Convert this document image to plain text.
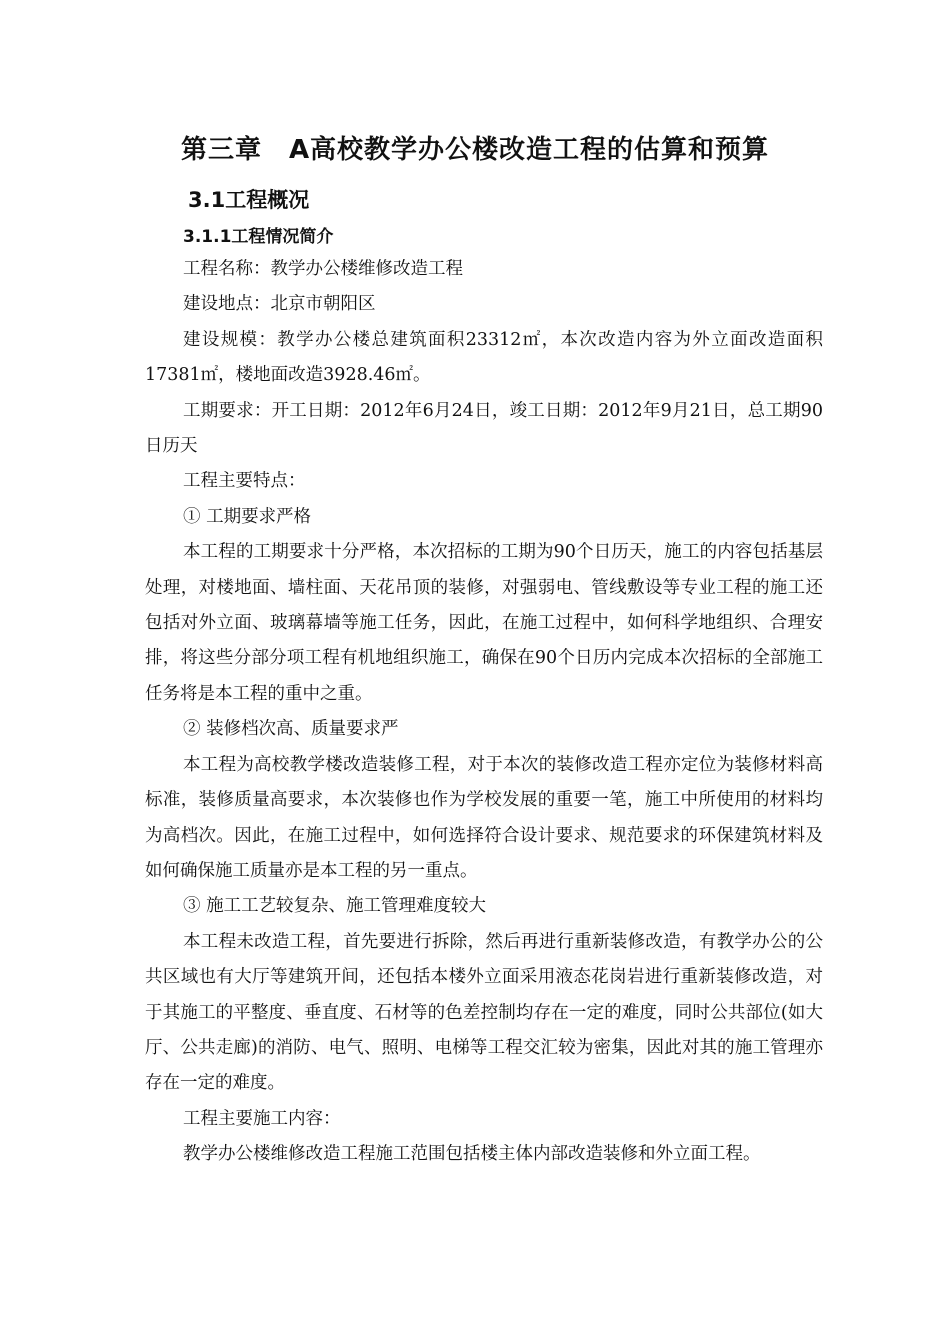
第三章　A高校教学办公楼改造工程的估算和预算
3.1工程概况
3.1.1工程情况简介

工程名称：教学办公楼维修改造工程

建设地点：北京市朝阳区

建设规模：教学办公楼总建筑面积23312㎡，本次改造内容为外立面改造面积17381㎡，楼地面改造3928.46㎡。

工期要求：开工日期：2012年6月24日，竣工日期：2012年9月21日，总工期90日历天

工程主要特点：

① 工期要求严格

本工程的工期要求十分严格，本次招标的工期为90个日历天，施工的内容包括基层处理，对楼地面、墙柱面、天花吊顶的装修，对强弱电、管线敷设等专业工程的施工还包括对外立面、玻璃幕墙等施工任务，因此，在施工过程中，如何科学地组织、合理安排，将这些分部分项工程有机地组织施工，确保在90个日历内完成本次招标的全部施工任务将是本工程的重中之重。

② 装修档次高、质量要求严

本工程为高校教学楼改造装修工程，对于本次的装修改造工程亦定位为装修材料高标准，装修质量高要求，本次装修也作为学校发展的重要一笔，施工中所使用的材料均为高档次。因此，在施工过程中，如何选择符合设计要求、规范要求的环保建筑材料及如何确保施工质量亦是本工程的另一重点。

③ 施工工艺较复杂、施工管理难度较大

本工程未改造工程，首先要进行拆除，然后再进行重新装修改造，有教学办公的公共区域也有大厅等建筑开间，还包括本楼外立面采用液态花岗岩进行重新装修改造，对于其施工的平整度、垂直度、石材等的色差控制均存在一定的难度，同时公共部位(如大厅、公共走廊)的消防、电气、照明、电梯等工程交汇较为密集，因此对其的施工管理亦存在一定的难度。

工程主要施工内容：

教学办公楼维修改造工程施工范围包括楼主体内部改造装修和外立面工程。
